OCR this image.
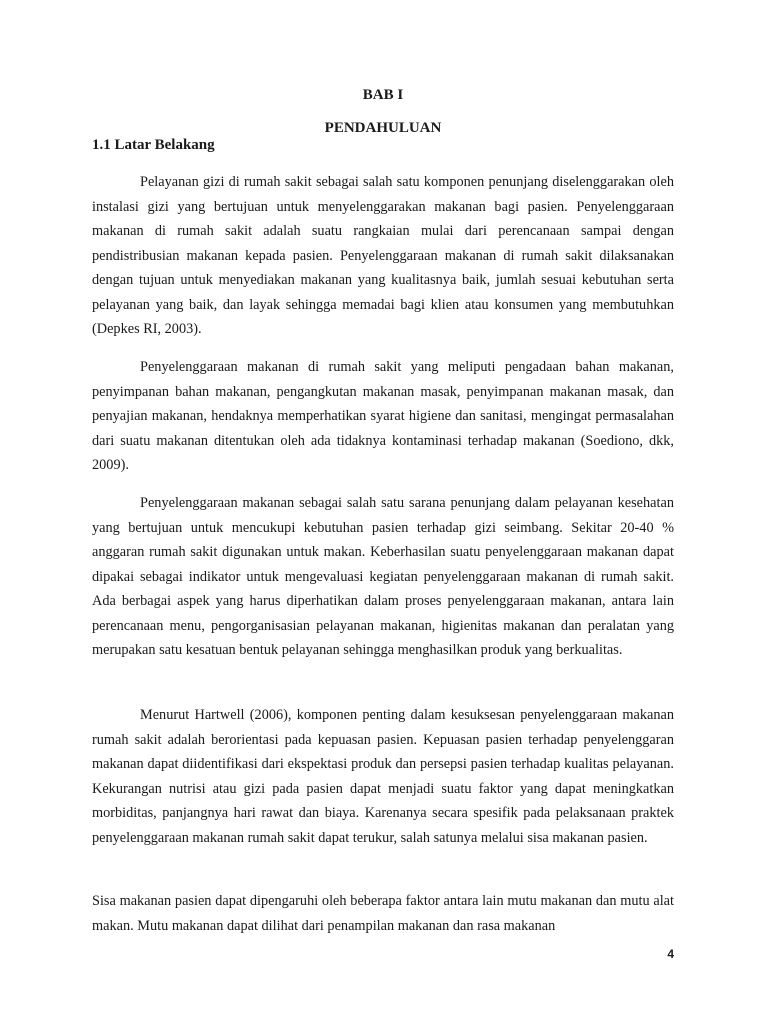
BAB I
PENDAHULUAN
1.1 Latar Belakang

Pelayanan gizi di rumah sakit sebagai salah satu komponen penunjang diselenggarakan oleh instalasi gizi yang bertujuan untuk menyelenggarakan makanan bagi pasien. Penyelenggaraan makanan di rumah sakit adalah suatu rangkaian mulai dari perencanaan sampai dengan pendistribusian makanan kepada pasien. Penyelenggaraan makanan di rumah sakit dilaksanakan dengan tujuan untuk menyediakan makanan yang kualitasnya baik, jumlah sesuai kebutuhan serta pelayanan yang baik, dan layak sehingga memadai bagi klien atau konsumen yang membutuhkan (Depkes RI, 2003).

Penyelenggaraan makanan di rumah sakit yang meliputi pengadaan bahan makanan, penyimpanan bahan makanan, pengangkutan makanan masak, penyimpanan makanan masak, dan penyajian makanan, hendaknya memperhatikan syarat higiene dan sanitasi, mengingat permasalahan dari suatu makanan ditentukan oleh ada tidaknya kontaminasi terhadap makanan (Soediono, dkk, 2009).

Penyelenggaraan makanan sebagai salah satu sarana penunjang dalam pelayanan kesehatan yang bertujuan untuk mencukupi kebutuhan pasien terhadap gizi seimbang. Sekitar 20-40 % anggaran rumah sakit digunakan untuk makan. Keberhasilan suatu penyelenggaraan makanan dapat dipakai sebagai indikator untuk mengevaluasi kegiatan penyelenggaraan makanan di rumah sakit. Ada berbagai aspek yang harus diperhatikan dalam proses penyelenggaraan makanan, antara lain perencanaan menu, pengorganisasian pelayanan makanan, higienitas makanan dan peralatan yang merupakan satu kesatuan bentuk pelayanan sehingga menghasilkan produk yang berkualitas.

Menurut Hartwell (2006), komponen penting dalam kesuksesan penyelenggaraan makanan rumah sakit adalah berorientasi pada kepuasan pasien. Kepuasan pasien terhadap penyelenggaran makanan dapat diidentifikasi dari ekspektasi produk dan persepsi pasien terhadap kualitas pelayanan. Kekurangan nutrisi atau gizi pada pasien dapat menjadi suatu faktor yang dapat meningkatkan morbiditas, panjangnya hari rawat dan biaya. Karenanya secara spesifik pada pelaksanaan praktek penyelenggaraan makanan rumah sakit dapat terukur, salah satunya melalui sisa makanan pasien.

Sisa makanan pasien dapat dipengaruhi oleh beberapa faktor antara lain mutu makanan dan mutu alat makan. Mutu makanan dapat dilihat dari penampilan makanan dan rasa makanan

4
